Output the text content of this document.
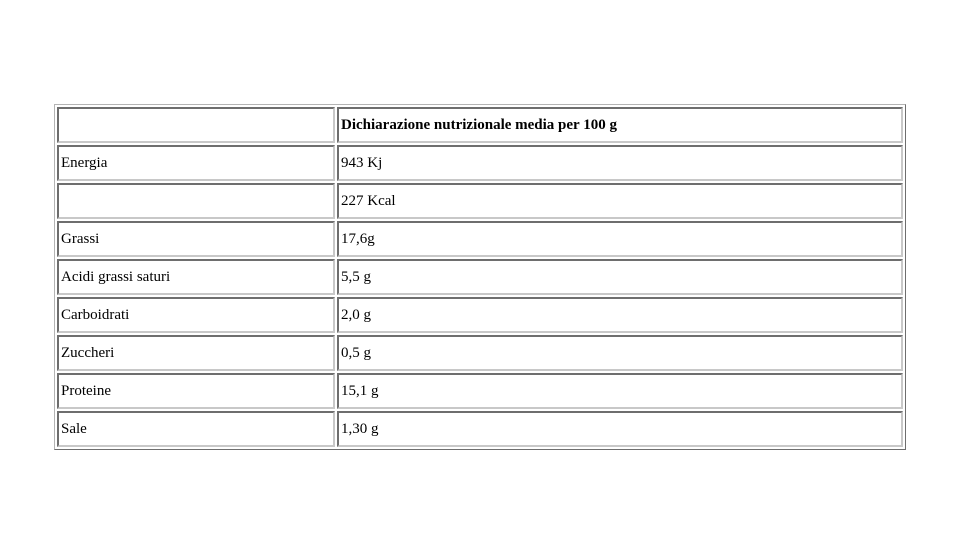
	Dichiarazione nutrizionale media per 100 g
Energia	943 Kj
	227 Kcal
Grassi	17,6g
Acidi grassi saturi	5,5 g
Carboidrati	2,0 g
Zuccheri	0,5 g
Proteine	15,1 g
Sale	1,30 g
